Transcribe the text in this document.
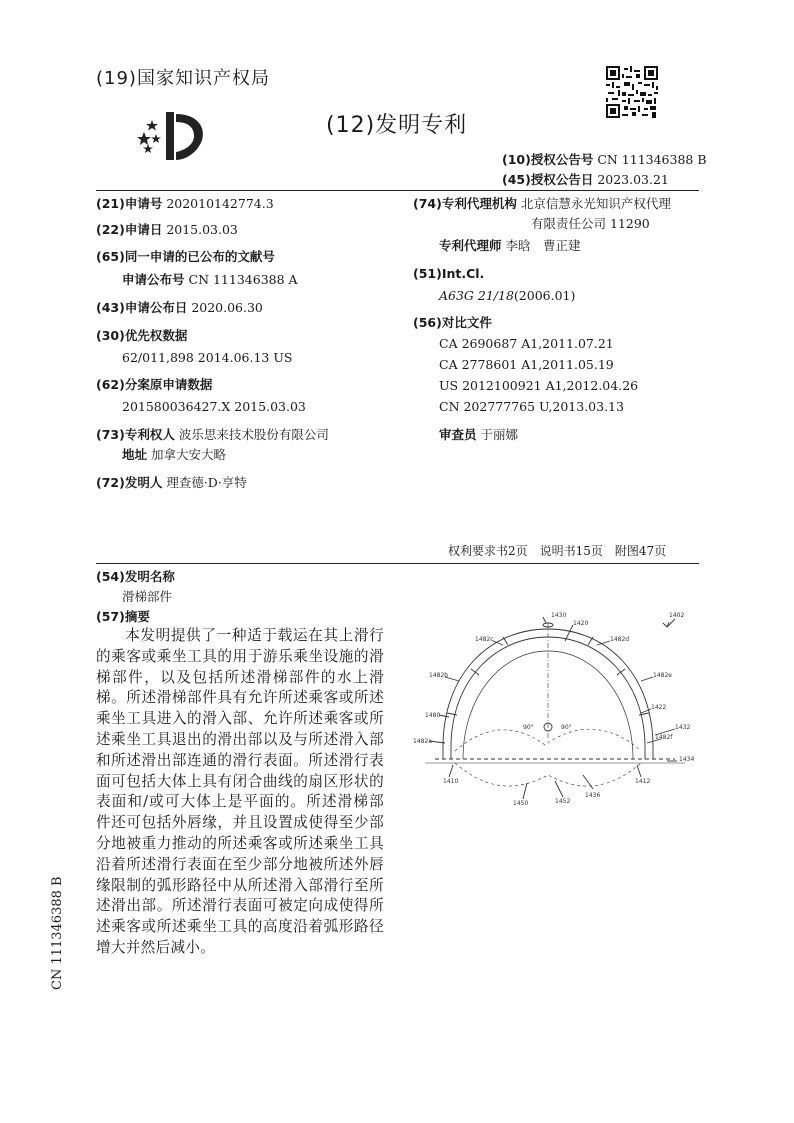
(19)国家知识产权局
(12)发明专利
(10)授权公告号 CN 111346388 B
(45)授权公告日 2023.03.21
(21)申请号 202010142774.3
(22)申请日 2015.03.03
(65)同一申请的已公布的文献号
申请公布号 CN 111346388 A
(43)申请公布日 2020.06.30
(30)优先权数据
62/011,898 2014.06.13 US
(62)分案原申请数据
201580036427.X 2015.03.03
(73)专利权人 波乐思来技术股份有限公司
地址 加拿大安大略
(72)发明人 理查德·D·亨特
(74)专利代理机构 北京信慧永光知识产权代理
有限责任公司 11290
专利代理师 李晗　曹正建
(51)Int.Cl.
A63G 21/18(2006.01)
(56)对比文件
CA 2690687 A1,2011.07.21
CA 2778601 A1,2011.05.19
US 2012100921 A1,2012.04.26
CN 202777765 U,2013.03.13
审查员 于丽娜
权利要求书2页　说明书15页　附图47页
(54)发明名称
滑梯部件
(57)摘要
本发明提供了一种适于载运在其上滑行的乘客或乘坐工具的用于游乐乘坐设施的滑梯部件，以及包括所述滑梯部件的水上滑梯。所述滑梯部件具有允许所述乘客或所述乘坐工具进入的滑入部、允许所述乘客或所述乘坐工具退出的滑出部以及与所述滑入部和所述滑出部连通的滑行表面。所述滑行表面可包括大体上具有闭合曲线的扇区形状的表面和/或可大体上是平面的。所述滑梯部件还可包括外唇缘，并且设置成使得至少部分地被重力推动的所述乘客或所述乘坐工具沿着所述滑行表面在至少部分地被所述外唇缘限制的弧形路径中从所述滑入部滑行至所述滑出部。所述滑行表面可被定向成使得所述乘客或所述乘坐工具的高度沿着弧形路径增大并然后减小。
CN 111346388 B
1402
1430
1420
1482c	1482d
1482b	1482e
1480
1422
1432
1482a
1482f
1434
1410	1412
1436
1450	1452
90°	90°
